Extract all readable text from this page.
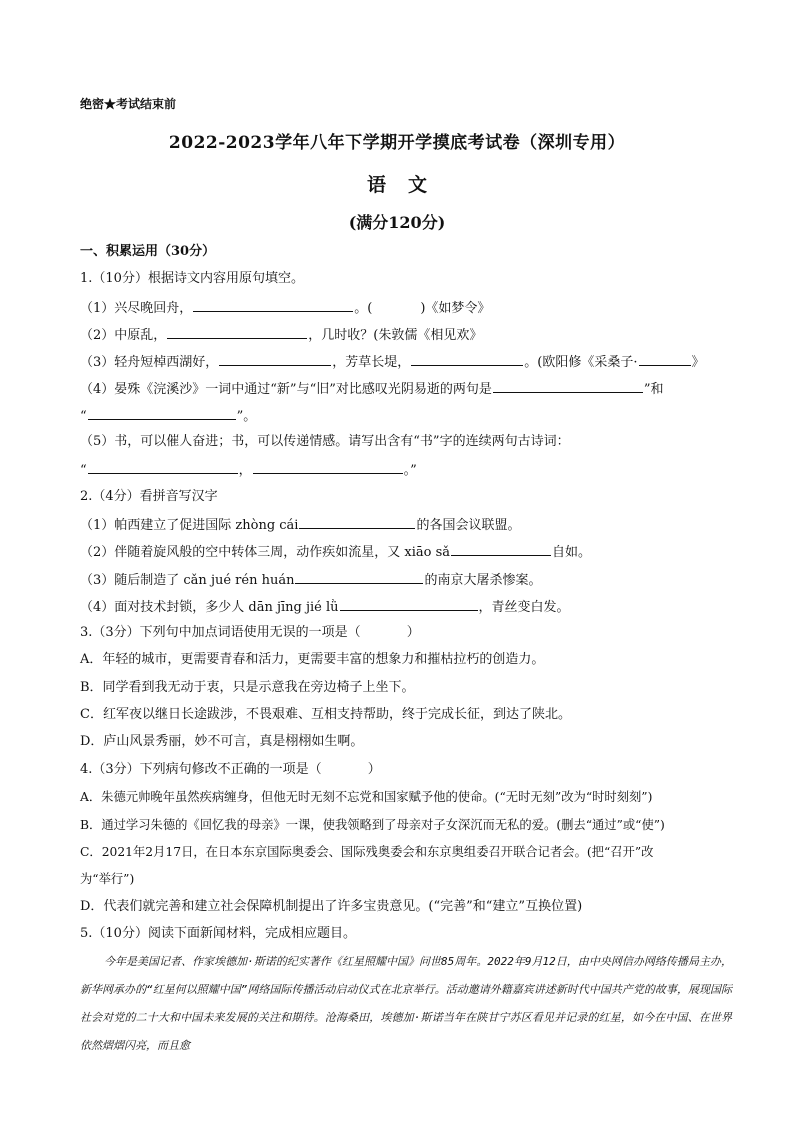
绝密★考试结束前
2022-2023学年八年下学期开学摸底考试卷（深圳专用）
语文
(满分120分)
一、积累运用（30分）
1.（10分）根据诗文内容用原句填空。
（1）兴尽晚回舟，	。(	)《如梦令》
（2）中原乱，	，几时收？(朱敦儒《相见欢》
（3）轻舟短棹西湖好，	，芳草长堤，	。(欧阳修《采桑子·	》
（4）晏殊《浣溪沙》一词中通过“新”与“旧”对比感叹光阴易逝的两句是	”和
“	”。
（5）书，可以催人奋进；书，可以传递情感。请写出含有“书”字的连续两句古诗词：
“	，	。”
2.（4分）看拼音写汉字
（1）帕西建立了促进国际 zhòng cái	的各国会议联盟。
（2）伴随着旋风般的空中转体三周，动作疾如流星，又 xiāo sǎ	自如。
（3）随后制造了 cǎn jué rén huán	的南京大屠杀惨案。
（4）面对技术封锁，多少人 dān jīng jié lǜ	，青丝变白发。
3.（3分）下列句中加点词语使用无误的一项是（	）
A．年轻的城市，更需要青春和活力，更需要丰富的想象力和摧枯拉朽的创造力。
B．同学看到我无动于衷，只是示意我在旁边椅子上坐下。
C．红军夜以继日长途跋涉，不畏艰难、互相支持帮助，终于完成长征，到达了陕北。
D．庐山风景秀丽，妙不可言，真是栩栩如生啊。
4.（3分）下列病句修改不正确的一项是（	）
A．朱德元帅晚年虽然疾病缠身，但他无时无刻不忘党和国家赋予他的使命。(“无时无刻”改为“时时刻刻”)
B．通过学习朱德的《回忆我的母亲》一课，使我领略到了母亲对子女深沉而无私的爱。(删去“通过”或“使”)
C．2021年2月17日，在日本东京国际奥委会、国际残奥委会和东京奥组委召开联合记者会。(把“召开”改
为“举行”)
D．代表们就完善和建立社会保障机制提出了许多宝贵意见。(“完善”和“建立”互换位置)
5.（10分）阅读下面新闻材料，完成相应题目。

今年是美国记者、作家埃德加·斯诺的纪实著作《红星照耀中国》问世85周年。2022年9月12日，由中央网信办网络传播局主办，新华网承办的“红星何以照耀中国”网络国际传播活动启动仪式在北京举行。活动邀请外籍嘉宾讲述新时代中国共产党的故事，展现国际社会对党的二十大和中国未来发展的关注和期待。沧海桑田，埃德加·斯诺当年在陕甘宁苏区看见并记录的红星，如今在中国、在世界依然熠熠闪亮，而且愈
